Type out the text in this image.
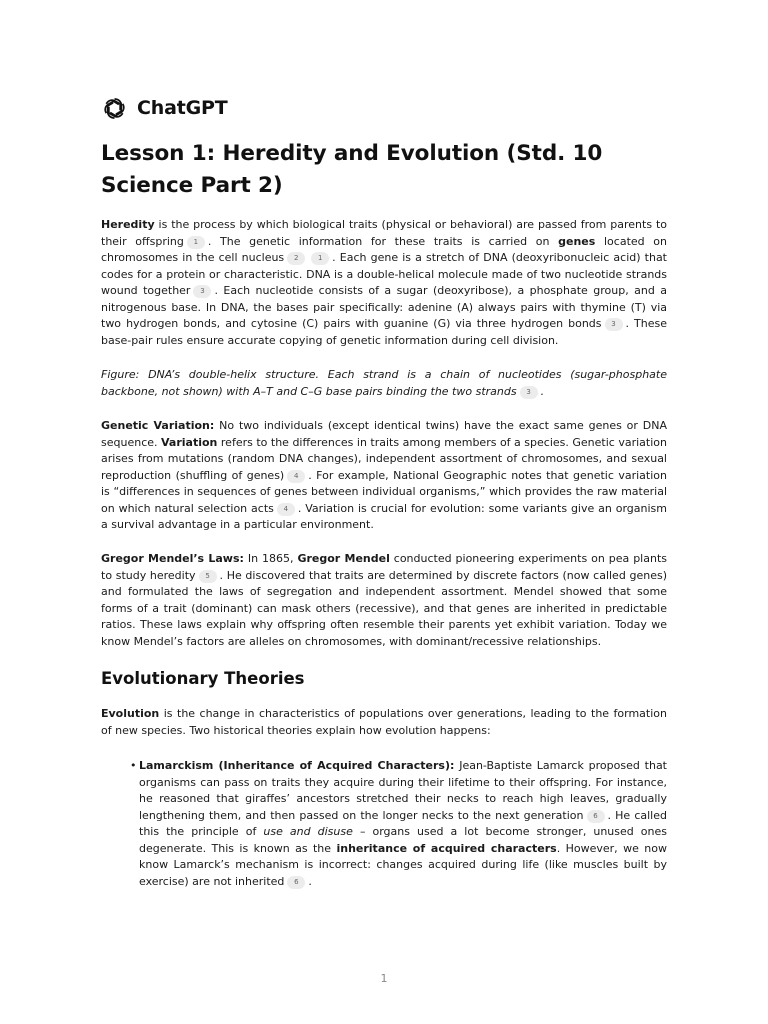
ChatGPT
Lesson 1: Heredity and Evolution (Std. 10 Science Part 2)

Heredity is the process by which biological traits (physical or behavioral) are passed from parents to their offspring 1 . The genetic information for these traits is carried on genes located on chromosomes in the cell nucleus 2	1 . Each gene is a stretch of DNA (deoxyribonucleic acid) that codes for a protein or characteristic. DNA is a double-helical molecule made of two nucleotide strands wound together 3 . Each nucleotide consists of a sugar (deoxyribose), a phosphate group, and a nitrogenous base. In DNA, the bases pair specifically: adenine (A) always pairs with thymine (T) via two hydrogen bonds, and cytosine (C) pairs with guanine (G) via three hydrogen bonds 3 . These base-pair rules ensure accurate copying of genetic information during cell division.

Figure: DNA’s double-helix structure. Each strand is a chain of nucleotides (sugar-phosphate backbone, not shown) with A–T and C–G base pairs binding the two strands 3 .

Genetic Variation: No two individuals (except identical twins) have the exact same genes or DNA sequence. Variation refers to the differences in traits among members of a species. Genetic variation arises from mutations (random DNA changes), independent assortment of chromosomes, and sexual reproduction (shuffling of genes) 4 . For example, National Geographic notes that genetic variation is “differences in sequences of genes between individual organisms,” which provides the raw material on which natural selection acts 4 . Variation is crucial for evolution: some variants give an organism a survival advantage in a particular environment.

Gregor Mendel’s Laws: In 1865, Gregor Mendel conducted pioneering experiments on pea plants to study heredity 5 . He discovered that traits are determined by discrete factors (now called genes) and formulated the laws of segregation and independent assortment. Mendel showed that some forms of a trait (dominant) can mask others (recessive), and that genes are inherited in predictable ratios. These laws explain why offspring often resemble their parents yet exhibit variation. Today we know Mendel’s factors are alleles on chromosomes, with dominant/recessive relationships.

Evolutionary Theories

Evolution is the change in characteristics of populations over generations, leading to the formation of new species. Two historical theories explain how evolution happens:

• Lamarckism (Inheritance of Acquired Characters): Jean-Baptiste Lamarck proposed that organisms can pass on traits they acquire during their lifetime to their offspring. For instance, he reasoned that giraffes’ ancestors stretched their necks to reach high leaves, gradually lengthening them, and then passed on the longer necks to the next generation 6 . He called this the principle of use and disuse – organs used a lot become stronger, unused ones degenerate. This is known as the inheritance of acquired characters. However, we now know Lamarck’s mechanism is incorrect: changes acquired during life (like muscles built by exercise) are not inherited 6 .

1
